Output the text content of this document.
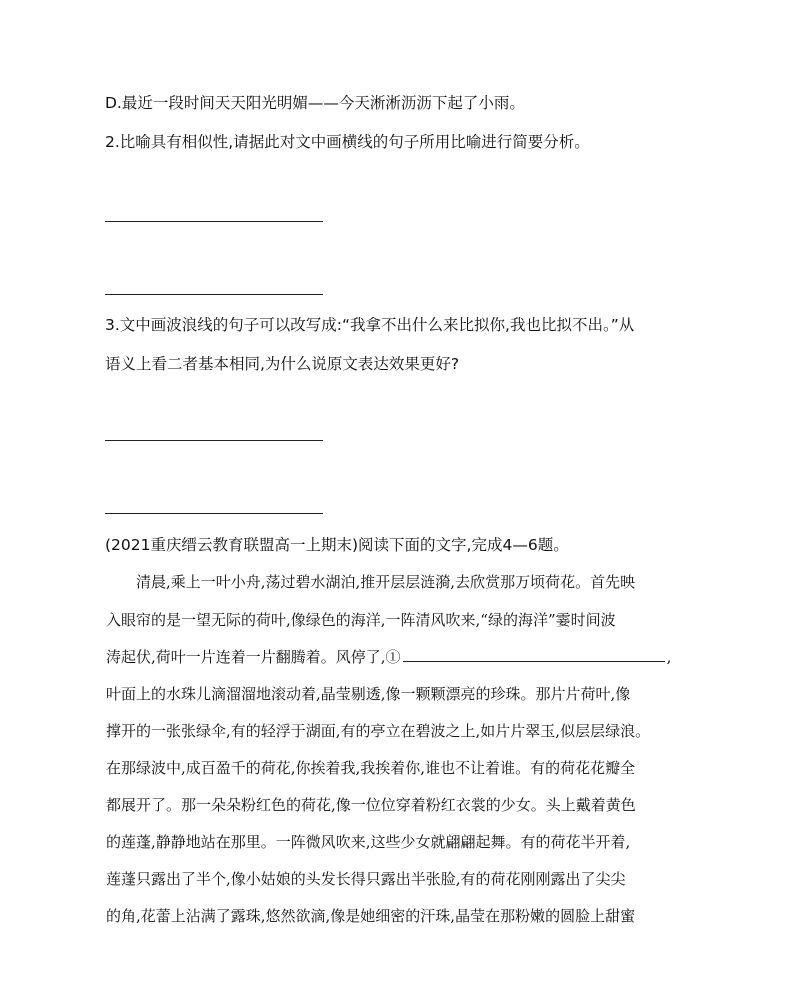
D.最近一段时间天天阳光明媚——今天淅淅沥沥下起了小雨。
2.比喻具有相似性,请据此对文中画横线的句子所用比喻进行简要分析。
3.文中画波浪线的句子可以改写成:“我拿不出什么来比拟你,我也比拟不出。”从
语义上看二者基本相同,为什么说原文表达效果更好?
(2021重庆缙云教育联盟高一上期末)阅读下面的文字,完成4—6题。
清晨,乘上一叶小舟,荡过碧水湖泊,推开层层涟漪,去欣赏那万顷荷花。首先映
入眼帘的是一望无际的荷叶,像绿色的海洋,一阵清风吹来,“绿的海洋”霎时间波
涛起伏,荷叶一片连着一片翻腾着。风停了,①	,
叶面上的水珠儿滴溜溜地滚动着,晶莹剔透,像一颗颗漂亮的珍珠。那片片荷叶,像
撑开的一张张绿伞,有的轻浮于湖面,有的亭立在碧波之上,如片片翠玉,似层层绿浪。
在那绿波中,成百盈千的荷花,你挨着我,我挨着你,谁也不让着谁。有的荷花花瓣全
都展开了。那一朵朵粉红色的荷花,像一位位穿着粉红衣裳的少女。头上戴着黄色
的莲蓬,静静地站在那里。一阵微风吹来,这些少女就翩翩起舞。有的荷花半开着,
莲蓬只露出了半个,像小姑娘的头发长得只露出半张脸,有的荷花刚刚露出了尖尖
的角,花蕾上沾满了露珠,悠然欲滴,像是她细密的汗珠,晶莹在那粉嫩的圆脸上甜蜜
